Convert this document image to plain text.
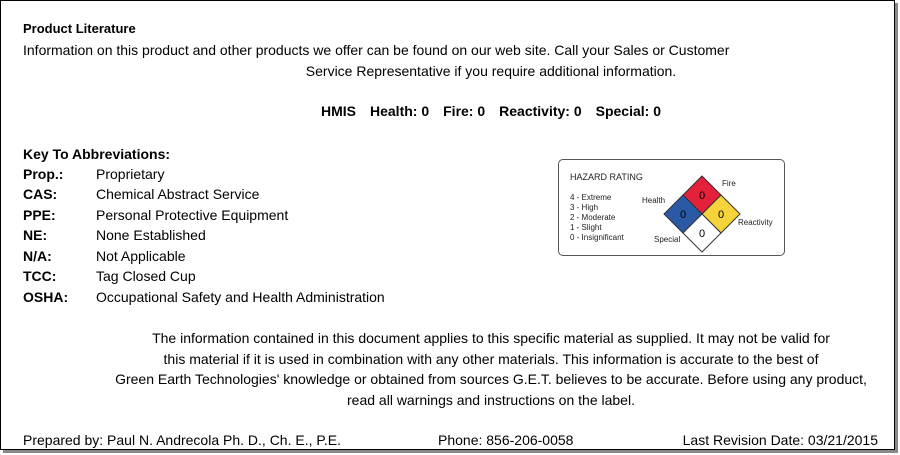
Product Literature
Information on this product and other products we offer can be found on our web site. Call your Sales or Customer
Service Representative if you require additional information.
HMIS Health: 0 Fire: 0 Reactivity: 0 Special: 0
Key To Abbreviations:
Prop.: Proprietary
CAS:	Chemical Abstract Service
PPE:	Personal Protective Equipment
NE:	None Established
N/A:	Not Applicable
TCC:	Tag Closed Cup
OSHA: Occupational Safety and Health Administration
HAZARD RATING
4 - Extreme
3 - High
2 - Moderate
1 - Slight
0 - Insignificant
0
0	0
0
Health
Fire
Reactivity
Special
The information contained in this document applies to this specific material as supplied. It may not be valid for
this material if it is used in combination with any other materials. This information is accurate to the best of
Green Earth Technologies' knowledge or obtained from sources G.E.T. believes to be accurate. Before using any product,
read all warnings and instructions on the label.
Prepared by: Paul N. Andrecola Ph. D., Ch. E., P.E.	Phone: 856-206-0058	Last Revision Date: 03/21/2015
